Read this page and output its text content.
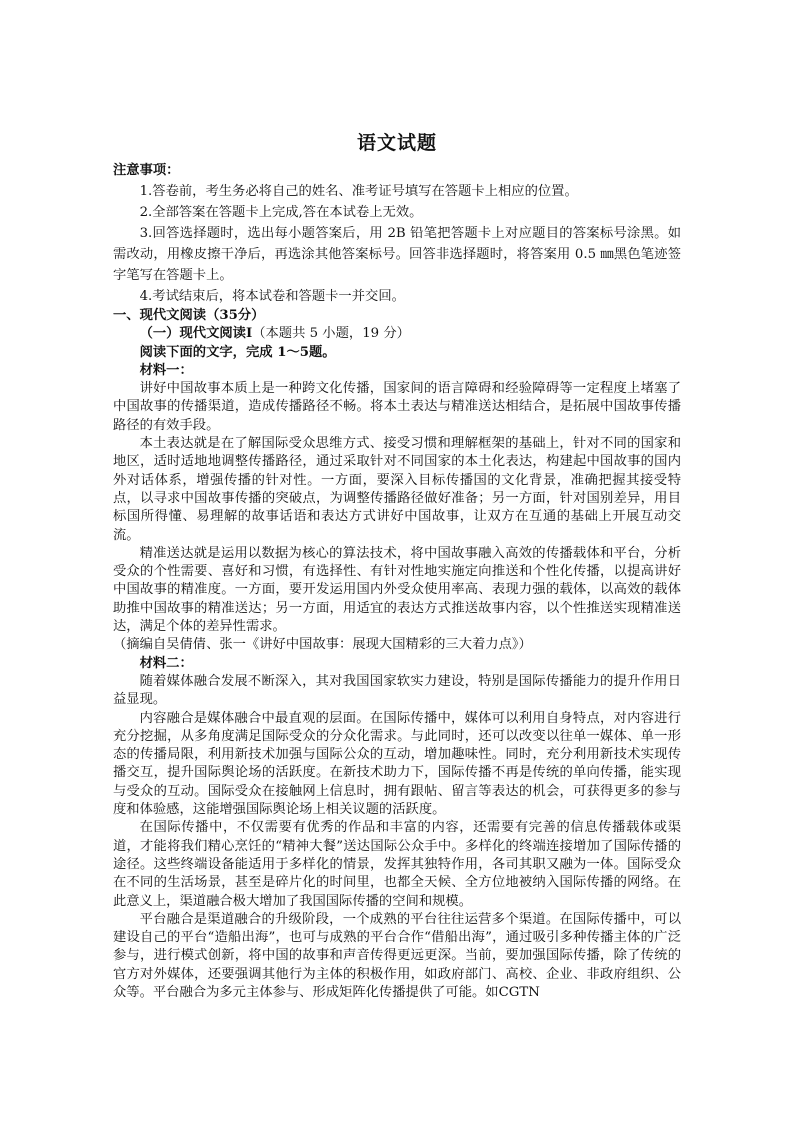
语文试题

注意事项：

1.答卷前，考生务必将自己的姓名、准考证号填写在答题卡上相应的位置。

2.全部答案在答题卡上完成,答在本试卷上无效。

3.回答选择题时，选出每小题答案后，用 2B 铅笔把答题卡上对应题目的答案标号涂黑。如需改动，用橡皮擦干净后，再选涂其他答案标号。回答非选择题时，将答案用 0.5 ㎜黑色笔迹签字笔写在答题卡上。

4.考试结束后，将本试卷和答题卡一并交回。

一、现代文阅读（35分）

（一）现代文阅读Ⅰ（本题共 5 小题，19 分）

阅读下面的文字，完成 1～5题。

材料一：

讲好中国故事本质上是一种跨文化传播，国家间的语言障碍和经验障碍等一定程度上堵塞了中国故事的传播渠道，造成传播路径不畅。将本土表达与精准送达相结合，是拓展中国故事传播路径的有效手段。

本土表达就是在了解国际受众思维方式、接受习惯和理解框架的基础上，针对不同的国家和地区，适时适地地调整传播路径，通过采取针对不同国家的本土化表达，构建起中国故事的国内外对话体系，增强传播的针对性。一方面，要深入目标传播国的文化背景，准确把握其接受特点，以寻求中国故事传播的突破点，为调整传播路径做好准备；另一方面，针对国别差异，用目标国所得懂、易理解的故事话语和表达方式讲好中国故事，让双方在互通的基础上开展互动交流。

精准送达就是运用以数据为核心的算法技术，将中国故事融入高效的传播载体和平台，分析受众的个性需要、喜好和习惯，有选择性、有针对性地实施定向推送和个性化传播，以提高讲好中国故事的精准度。一方面，要开发运用国内外受众使用率高、表现力强的载体，以高效的载体助推中国故事的精准送达；另一方面，用适宜的表达方式推送故事内容，以个性推送实现精准送达，满足个体的差异性需求。

（摘编自吴倩倩、张一《讲好中国故事：展现大国精彩的三大着力点》）

材料二：

随着媒体融合发展不断深入，其对我国国家软实力建设，特别是国际传播能力的提升作用日益显现。

内容融合是媒体融合中最直观的层面。在国际传播中，媒体可以利用自身特点，对内容进行充分挖掘，从多角度满足国际受众的分众化需求。与此同时，还可以改变以往单一媒体、单一形态的传播局限，利用新技术加强与国际公众的互动，增加趣味性。同时，充分利用新技术实现传播交互，提升国际舆论场的活跃度。在新技术助力下，国际传播不再是传统的单向传播，能实现与受众的互动。国际受众在接触网上信息时，拥有跟帖、留言等表达的机会，可获得更多的参与度和体验感，这能增强国际舆论场上相关议题的活跃度。

在国际传播中，不仅需要有优秀的作品和丰富的内容，还需要有完善的信息传播载体或渠道，才能将我们精心烹饪的“精神大餐”送达国际公众手中。多样化的终端连接增加了国际传播的途径。这些终端设备能适用于多样化的情景，发挥其独特作用，各司其职又融为一体。国际受众在不同的生活场景，甚至是碎片化的时间里，也都全天候、全方位地被纳入国际传播的网络。在此意义上，渠道融合极大增加了我国国际传播的空间和规模。

平台融合是渠道融合的升级阶段，一个成熟的平台往往运营多个渠道。在国际传播中，可以建设自己的平台“造船出海”，也可与成熟的平台合作“借船出海”，通过吸引多种传播主体的广泛参与，进行模式创新，将中国的故事和声音传得更远更深。当前，要加强国际传播，除了传统的官方对外媒体，还要强调其他行为主体的积极作用，如政府部门、高校、企业、非政府组织、公众等。平台融合为多元主体参与、形成矩阵化传播提供了可能。如CGTN
